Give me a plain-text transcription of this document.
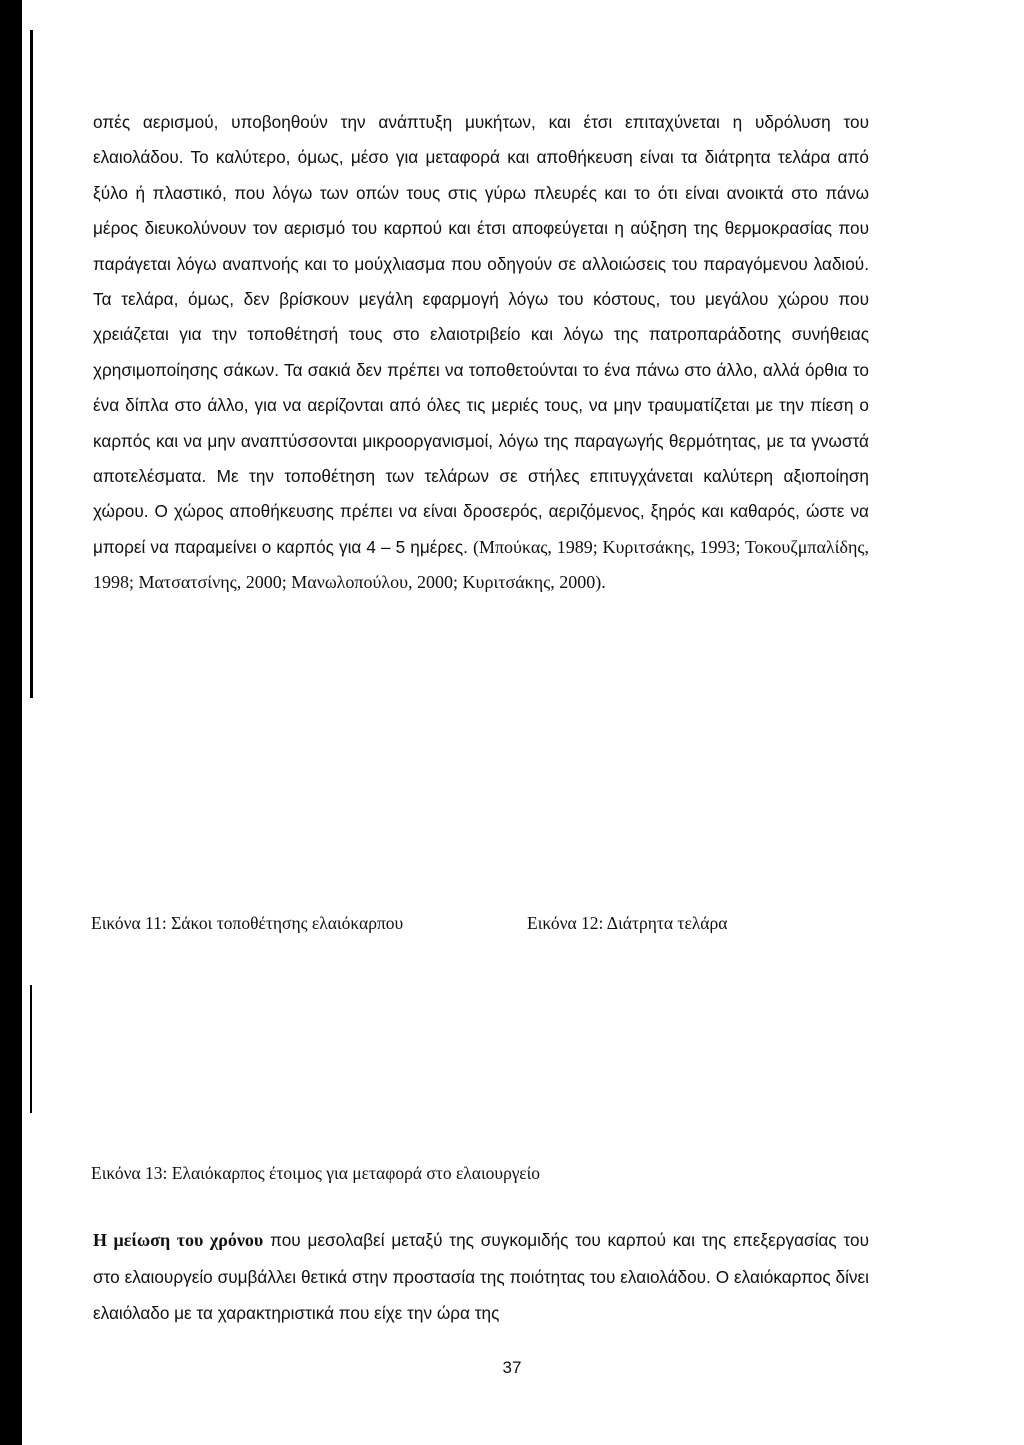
οπές αερισμού, υποβοηθούν την ανάπτυξη μυκήτων, και έτσι επιταχύνεται η υδρόλυση του ελαιολάδου. Το καλύτερο, όμως, μέσο για μεταφορά και αποθήκευση είναι τα διάτρητα τελάρα από ξύλο ή πλαστικό, που λόγω των οπών τους στις γύρω πλευρές και το ότι είναι ανοικτά στο πάνω μέρος διευκολύνουν τον αερισμό του καρπού και έτσι αποφεύγεται η αύξηση της θερμοκρασίας που παράγεται λόγω αναπνοής και το μούχλιασμα που οδηγούν σε αλλοιώσεις του παραγόμενου λαδιού. Τα τελάρα, όμως, δεν βρίσκουν μεγάλη εφαρμογή λόγω του κόστους, του μεγάλου χώρου που χρειάζεται για την τοποθέτησή τους στο ελαιοτριβείο και λόγω της πατροπαράδοτης συνήθειας χρησιμοποίησης σάκων. Τα σακιά δεν πρέπει να τοποθετούνται το ένα πάνω στο άλλο, αλλά όρθια το ένα δίπλα στο άλλο, για να αερίζονται από όλες τις μεριές τους, να μην τραυματίζεται με την πίεση ο καρπός και να μην αναπτύσσονται μικροοργανισμοί, λόγω της παραγωγής θερμότητας, με τα γνωστά αποτελέσματα. Με την τοποθέτηση των τελάρων σε στήλες επιτυγχάνεται καλύτερη αξιοποίηση χώρου. Ο χώρος αποθήκευσης πρέπει να είναι δροσερός, αεριζόμενος, ξηρός και καθαρός, ώστε να μπορεί να παραμείνει ο καρπός για 4 – 5 ημέρες. (Μπούκας, 1989; Κυριτσάκης, 1993; Τοκουζμπαλίδης, 1998; Ματσατσίνης, 2000; Μανωλοπούλου, 2000; Κυριτσάκης, 2000).

Εικόνα 11: Σάκοι τοποθέτησης ελαιόκαρπου	Εικόνα 12: Διάτρητα τελάρα

Εικόνα 13: Ελαιόκαρπος έτοιμος για μεταφορά στο ελαιουργείο

Η μείωση του χρόνου που μεσολαβεί μεταξύ της συγκομιδής του καρπού και της επεξεργασίας του στο ελαιουργείο συμβάλλει θετικά στην προστασία της ποιότητας του ελαιολάδου. Ο ελαιόκαρπος δίνει ελαιόλαδο με τα χαρακτηριστικά που είχε την ώρα της

37
